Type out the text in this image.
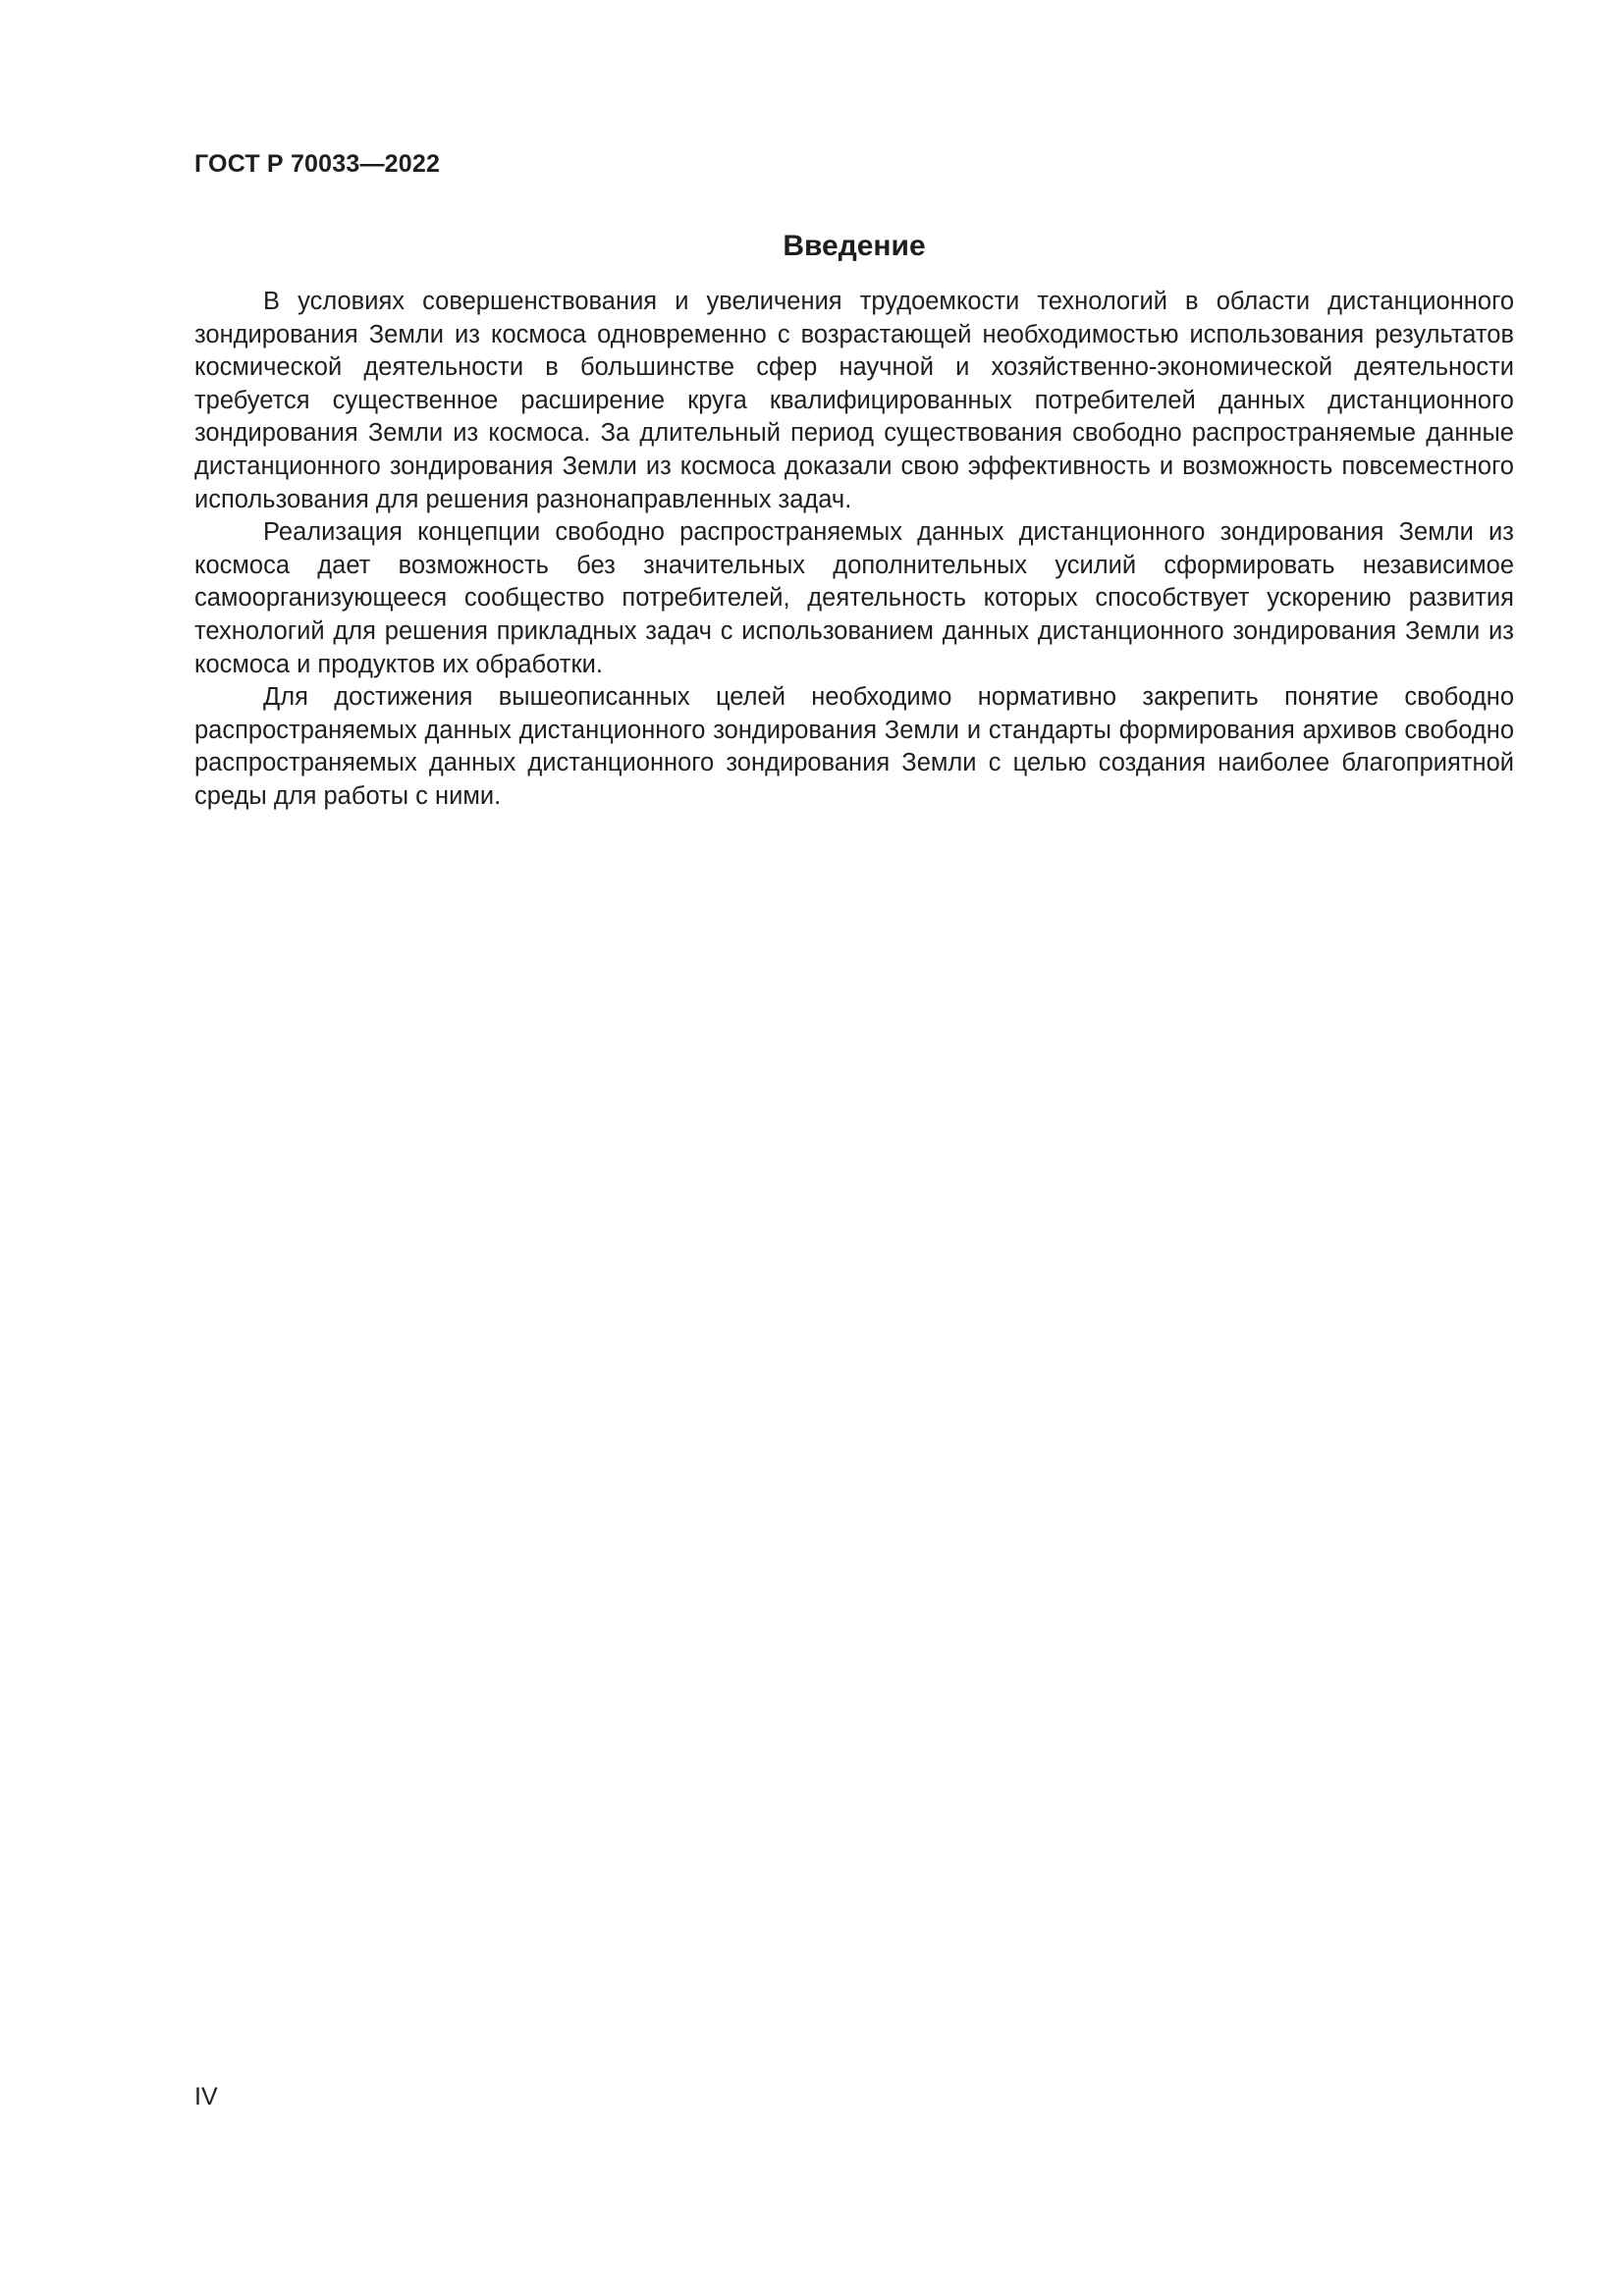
ГОСТ Р 70033—2022
Введение

В условиях совершенствования и увеличения трудоемкости технологий в области дистанционного зондирования Земли из космоса одновременно с возрастающей необходимостью использования результатов космической деятельности в большинстве сфер научной и хозяйственно-экономической деятельности требуется существенное расширение круга квалифицированных потребителей данных дистанционного зондирования Земли из космоса. За длительный период существования свободно распространяемые данные дистанционного зондирования Земли из космоса доказали свою эффективность и возможность повсеместного использования для решения разнонаправленных задач.

Реализация концепции свободно распространяемых данных дистанционного зондирования Земли из космоса дает возможность без значительных дополнительных усилий сформировать независимое самоорганизующееся сообщество потребителей, деятельность которых способствует ускорению развития технологий для решения прикладных задач с использованием данных дистанционного зондирования Земли из космоса и продуктов их обработки.

Для достижения вышеописанных целей необходимо нормативно закрепить понятие свободно распространяемых данных дистанционного зондирования Земли и стандарты формирования архивов свободно распространяемых данных дистанционного зондирования Земли с целью создания наиболее благоприятной среды для работы с ними.

IV
